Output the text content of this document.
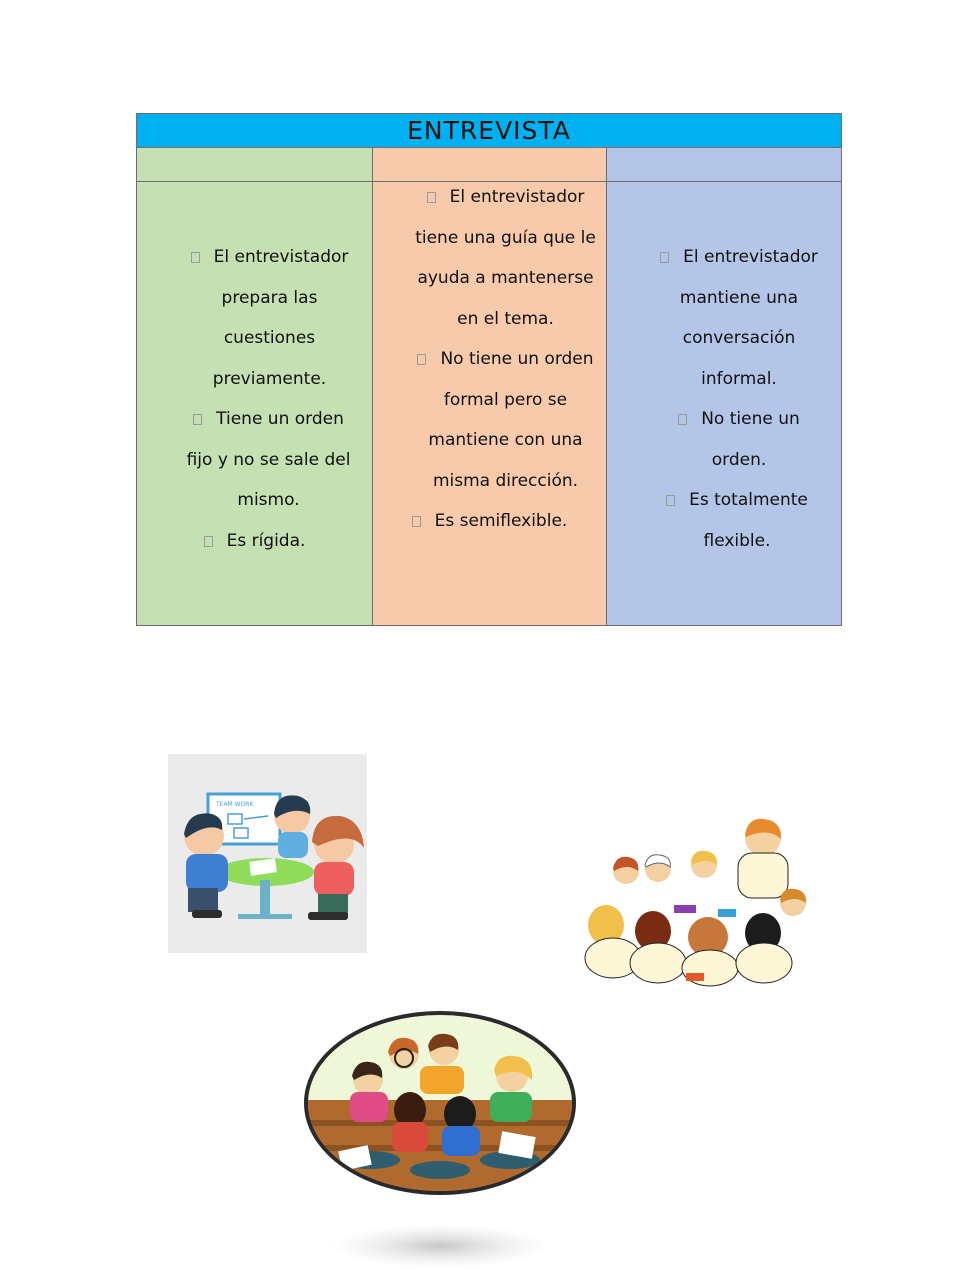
ENTREVISTA
El entrevistador prepara las cuestiones previamente.
Tiene un orden fijo y no se sale del mismo.
Es rígida.
El entrevistador tiene una guía que le ayuda a mantenerse en el tema.
No tiene un orden formal pero se mantiene con una misma dirección.
Es semiflexible.
El entrevistador mantiene una conversación informal.
No tiene un orden.
Es totalmente flexible.
TEAM WORK
